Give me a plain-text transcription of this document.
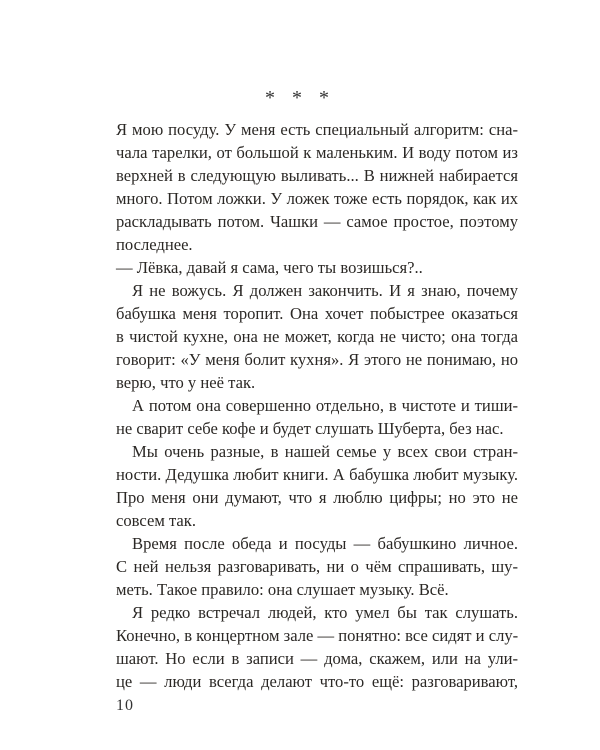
* * *
Я мою посуду. У меня есть специальный алгоритм: сна-
чала тарелки, от большой к маленьким. И воду потом из
верхней в следующую выливать... В нижней набирается
много. Потом ложки. У ложек тоже есть порядок, как их
раскладывать потом. Чашки — самое простое, поэтому
последнее.
— Лёвка, давай я сама, чего ты возишься?..
Я не вожусь. Я должен закончить. И я знаю, почему
бабушка меня торопит. Она хочет побыстрее оказаться
в чистой кухне, она не может, когда не чисто; она тогда
говорит: «У меня болит кухня». Я этого не понимаю, но
верю, что у неё так.
А потом она совершенно отдельно, в чистоте и тиши-
не сварит себе кофе и будет слушать Шуберта, без нас.
Мы очень разные, в нашей семье у всех свои стран-
ности. Дедушка любит книги. А бабушка любит музыку.
Про меня они думают, что я люблю цифры; но это не
совсем так.
Время после обеда и посуды — бабушкино личное.
С ней нельзя разговаривать, ни о чём спрашивать, шу-
меть. Такое правило: она слушает музыку. Всё.
Я редко встречал людей, кто умел бы так слушать.
Конечно, в концертном зале — понятно: все сидят и слу-
шают. Но если в записи — дома, скажем, или на ули-
це — люди всегда делают что-то ещё: разговаривают,
10
